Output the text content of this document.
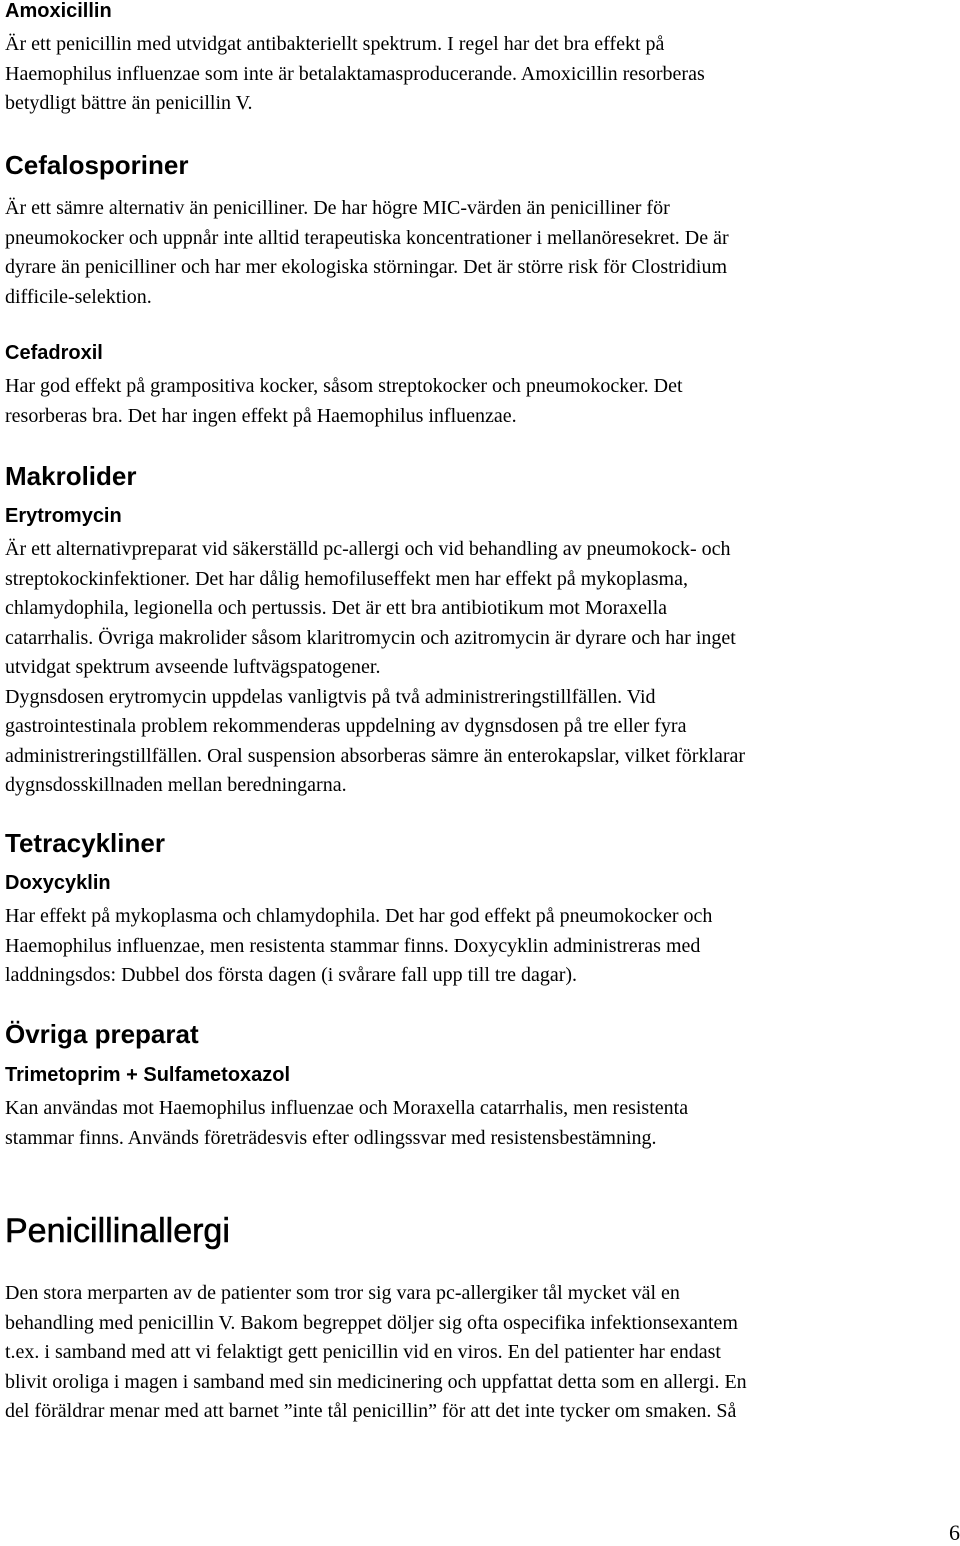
Amoxicillin

Är ett penicillin med utvidgat antibakteriellt spektrum. I regel har det bra effekt på
Haemophilus influenzae som inte är betalaktamasproducerande. Amoxicillin resorberas
betydligt bättre än penicillin V.

Cefalosporiner

Är ett sämre alternativ än penicilliner. De har högre MIC-värden än penicilliner för
pneumokocker och uppnår inte alltid terapeutiska koncentrationer i mellanöresekret. De är
dyrare än penicilliner och har mer ekologiska störningar. Det är större risk för Clostridium
difficile-selektion.

Cefadroxil

Har god effekt på grampositiva kocker, såsom streptokocker och pneumokocker. Det
resorberas bra. Det har ingen effekt på Haemophilus influenzae.

Makrolider
Erytromycin

Är ett alternativpreparat vid säkerställd pc-allergi och vid behandling av pneumokock- och
streptokockinfektioner. Det har dålig hemofiluseffekt men har effekt på mykoplasma,
chlamydophila, legionella och pertussis. Det är ett bra antibiotikum mot Moraxella
catarrhalis. Övriga makrolider såsom klaritromycin och azitromycin är dyrare och har inget
utvidgat spektrum avseende luftvägspatogener.
Dygnsdosen erytromycin uppdelas vanligtvis på två administreringstillfällen. Vid
gastrointestinala problem rekommenderas uppdelning av dygnsdosen på tre eller fyra
administreringstillfällen. Oral suspension absorberas sämre än enterokapslar, vilket förklarar
dygnsdosskillnaden mellan beredningarna.

Tetracykliner
Doxycyklin

Har effekt på mykoplasma och chlamydophila. Det har god effekt på pneumokocker och
Haemophilus influenzae, men resistenta stammar finns. Doxycyklin administreras med
laddningsdos: Dubbel dos första dagen (i svårare fall upp till tre dagar).

Övriga preparat
Trimetoprim + Sulfametoxazol

Kan användas mot Haemophilus influenzae och Moraxella catarrhalis, men resistenta
stammar finns. Används företrädesvis efter odlingssvar med resistensbestämning.

Penicillinallergi

Den stora merparten av de patienter som tror sig vara pc-allergiker tål mycket väl en
behandling med penicillin V. Bakom begreppet döljer sig ofta ospecifika infektionsexantem
t.ex. i samband med att vi felaktigt gett penicillin vid en viros. En del patienter har endast
blivit oroliga i magen i samband med sin medicinering och uppfattat detta som en allergi. En
del föräldrar menar med att barnet ”inte tål penicillin” för att det inte tycker om smaken. Så

6
